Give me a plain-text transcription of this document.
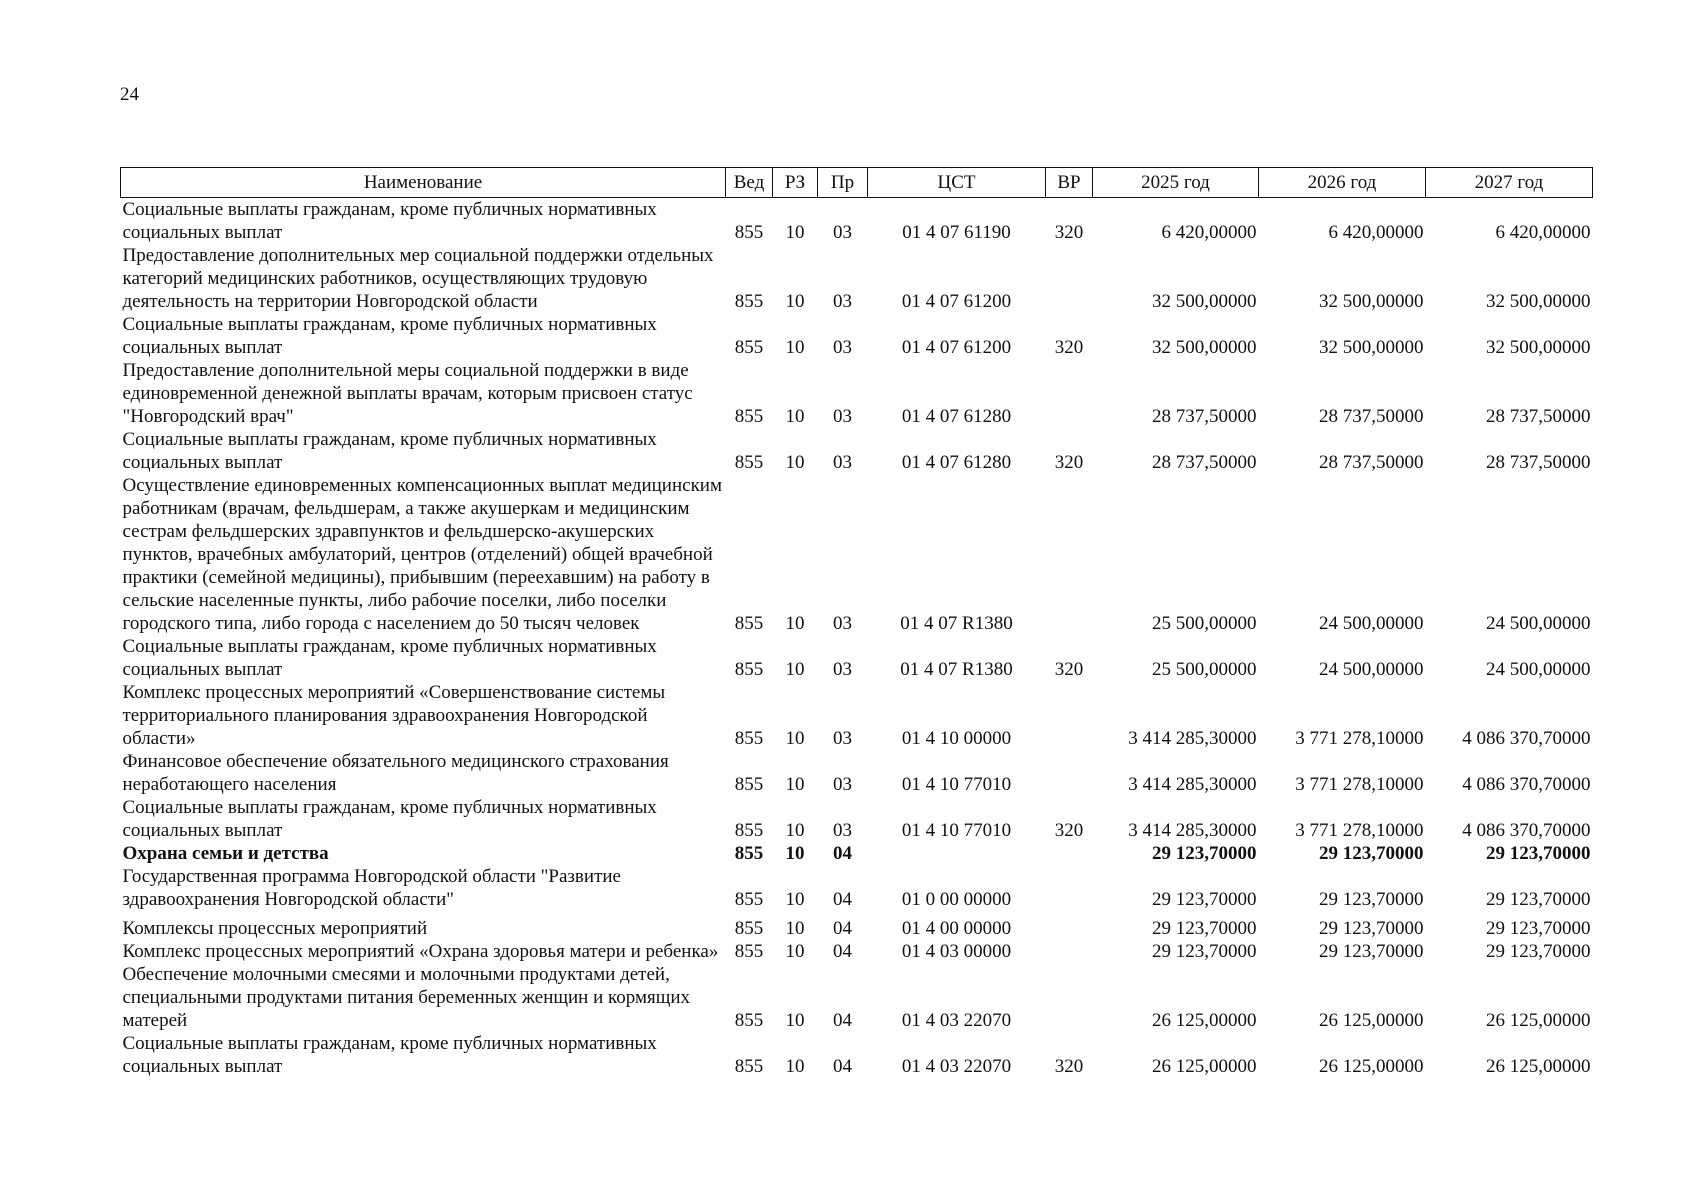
24
Наименование	Вед	РЗ	Пр	ЦСТ	ВР	2025 год	2026 год	2027 год
Социальные выплаты гражданам, кроме публичных нормативных социальных выплат	855	10	03	01 4 07 61190	320	6 420,00000	6 420,00000	6 420,00000
Предоставление дополнительных мер социальной поддержки отдельных категорий медицинских работников, осуществляющих трудовую деятельность на территории Новгородской области	855	10	03	01 4 07 61200		32 500,00000	32 500,00000	32 500,00000
Социальные выплаты гражданам, кроме публичных нормативных социальных выплат	855	10	03	01 4 07 61200	320	32 500,00000	32 500,00000	32 500,00000
Предоставление дополнительной меры социальной поддержки в виде единовременной денежной выплаты врачам, которым присвоен статус "Новгородский врач"	855	10	03	01 4 07 61280		28 737,50000	28 737,50000	28 737,50000
Социальные выплаты гражданам, кроме публичных нормативных социальных выплат	855	10	03	01 4 07 61280	320	28 737,50000	28 737,50000	28 737,50000
Осуществление единовременных компенсационных выплат медицинским работникам (врачам, фельдшерам, а также акушеркам и медицинским сестрам фельдшерских здравпунктов и фельдшерско-акушерских пунктов, врачебных амбулаторий, центров (отделений) общей врачебной практики (семейной медицины), прибывшим (переехавшим) на работу в сельские населенные пункты, либо рабочие поселки, либо поселки городского типа, либо города с населением до 50 тысяч человек	855	10	03	01 4 07 R1380		25 500,00000	24 500,00000	24 500,00000
Социальные выплаты гражданам, кроме публичных нормативных социальных выплат	855	10	03	01 4 07 R1380	320	25 500,00000	24 500,00000	24 500,00000
Комплекс процессных мероприятий «Совершенствование системы территориального планирования здравоохранения Новгородской области»	855	10	03	01 4 10 00000		3 414 285,30000	3 771 278,10000	4 086 370,70000
Финансовое обеспечение обязательного медицинского страхования неработающего населения	855	10	03	01 4 10 77010		3 414 285,30000	3 771 278,10000	4 086 370,70000
Социальные выплаты гражданам, кроме публичных нормативных социальных выплат	855	10	03	01 4 10 77010	320	3 414 285,30000	3 771 278,10000	4 086 370,70000
Охрана семьи и детства	855	10	04			29 123,70000	29 123,70000	29 123,70000
Государственная программа Новгородской области "Развитие здравоохранения Новгородской области"	855	10	04	01 0 00 00000		29 123,70000	29 123,70000	29 123,70000
Комплексы процессных мероприятий	855	10	04	01 4 00 00000		29 123,70000	29 123,70000	29 123,70000
Комплекс процессных мероприятий «Охрана здоровья матери и ребенка»	855	10	04	01 4 03 00000		29 123,70000	29 123,70000	29 123,70000
Обеспечение молочными смесями и молочными продуктами детей, специальными продуктами питания беременных женщин и кормящих матерей	855	10	04	01 4 03 22070		26 125,00000	26 125,00000	26 125,00000
Социальные выплаты гражданам, кроме публичных нормативных социальных выплат	855	10	04	01 4 03 22070	320	26 125,00000	26 125,00000	26 125,00000
